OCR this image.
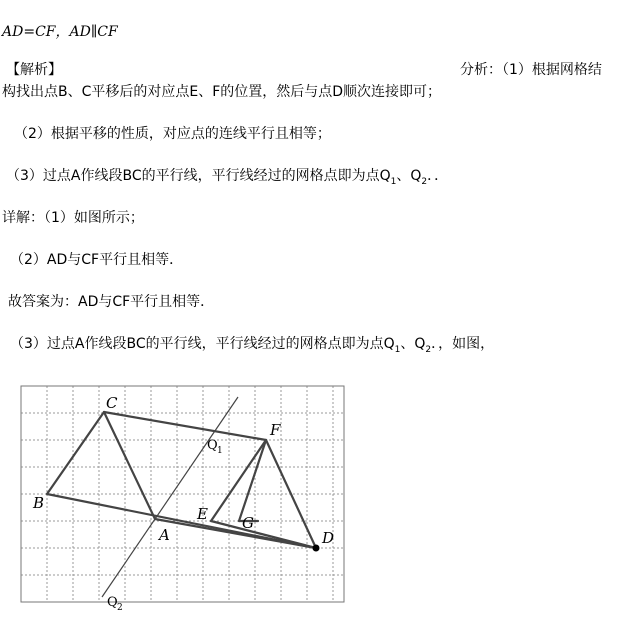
AD=CF，AD∥CF
【解析】	分析：（1）根据网格结
构找出点B、C平移后的对应点E、F的位置，然后与点D顺次连接即可；
（2）根据平移的性质，对应点的连线平行且相等；
（3）过点A作线段BC的平行线，平行线经过的网格点即为点$Q_1$、$Q_2$．．
详解：（1）如图所示；
（2）AD与CF平行且相等．
故答案为：AD与CF平行且相等．
（3）过点A作线段BC的平行线，平行线经过的网格点即为点$Q_1$、$Q_2$．，如图，
B
C
A	D
E
F
G
Q 1
Q 2
